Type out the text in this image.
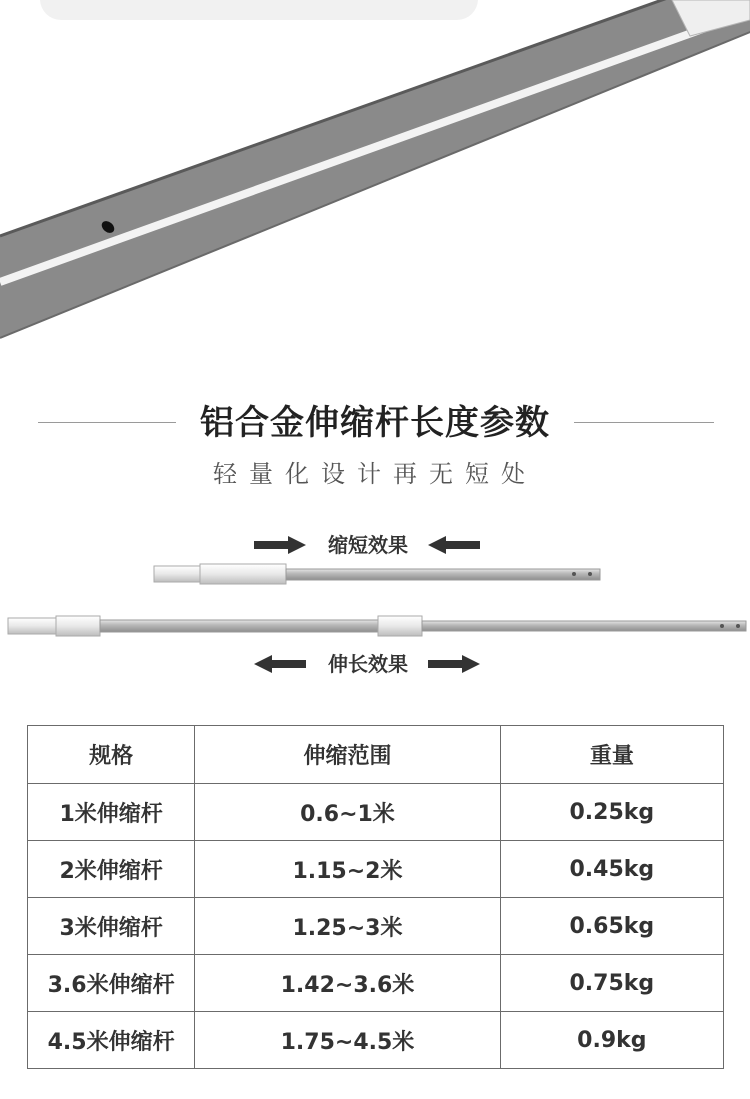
铝合金伸缩杆长度参数
轻量化设计再无短处
缩短效果
伸长效果
规格	伸缩范围	重量
1米伸缩杆	0.6~1米	0.25kg
2米伸缩杆	1.15~2米	0.45kg
3米伸缩杆	1.25~3米	0.65kg
3.6米伸缩杆	1.42~3.6米	0.75kg
4.5米伸缩杆	1.75~4.5米	0.9kg
